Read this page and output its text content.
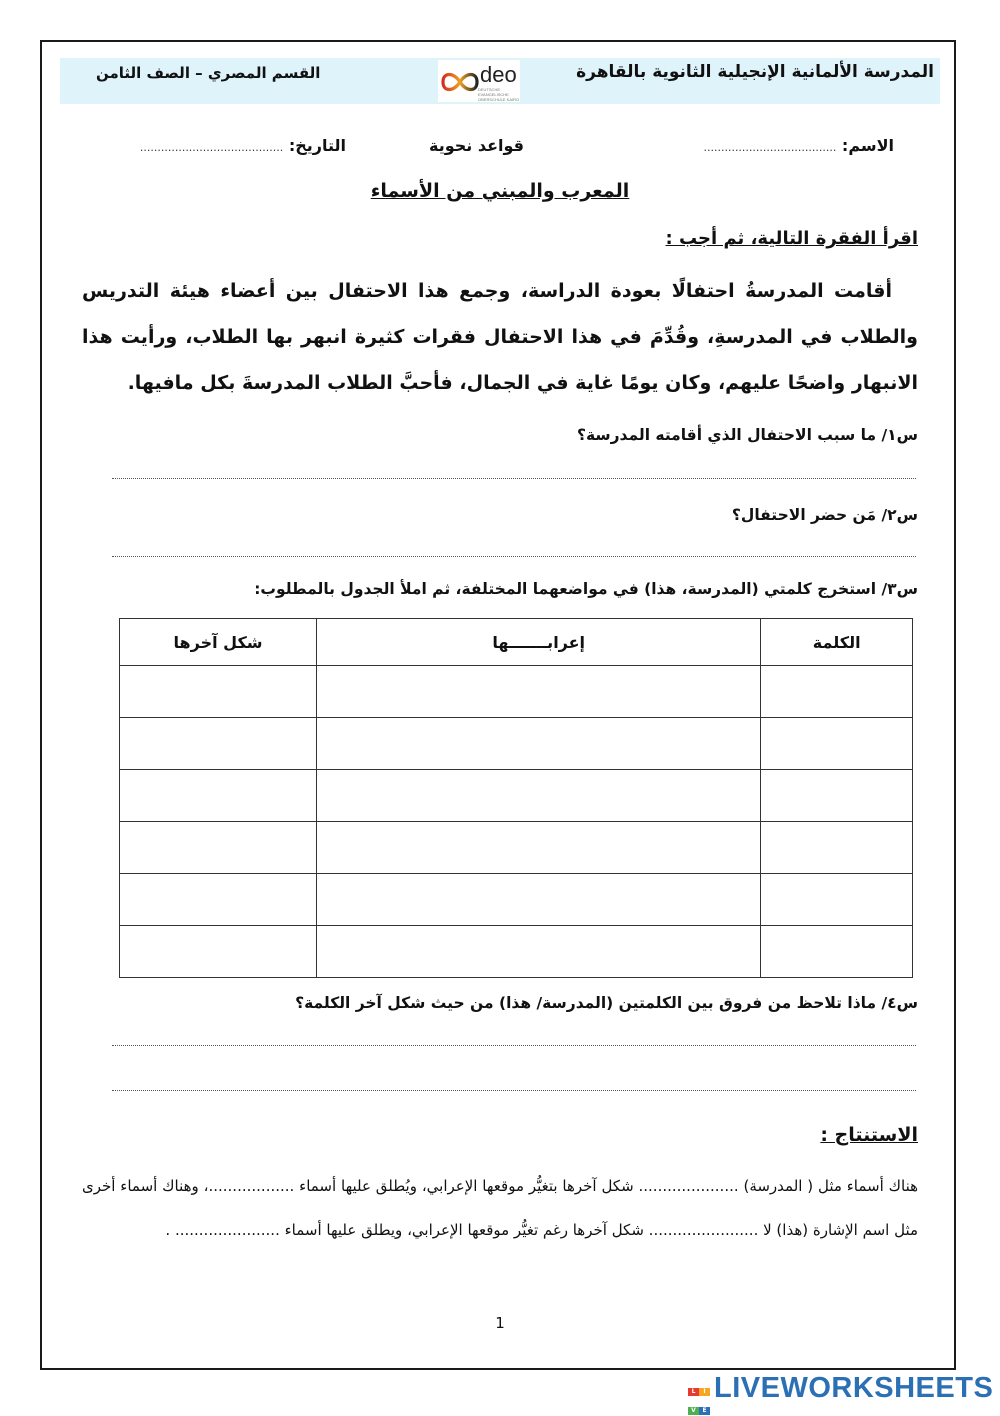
المدرسة الألمانية الإنجيلية الثانوية بالقاهرة
القسم المصري – الصف الثامن	deo
DEUTSCHE EVANGELISCHE OBERSCHULE KAIRO
الاسم: ......................................
قواعد نحوية
التاريخ: .........................................
المعرب والمبني من الأسماء
اقرأ الفقرة التالية، ثم أجب :
أقامت المدرسةُ احتفالًا بعودة الدراسة، وجمع هذا الاحتفال بين أعضاء هيئة التدريس والطلاب في المدرسةِ، وقُدِّمَ في هذا الاحتفال فقرات كثيرة انبهر بها الطلاب، ورأيت هذا الانبهار واضحًا عليهم، وكان يومًا غاية في الجمال، فأحبَّ الطلاب المدرسةَ بكل مافيها.
س١/ ما سبب الاحتفال الذي أقامته المدرسة؟
س٢/ مَن حضر الاحتفال؟
س٣/ استخرج كلمتي (المدرسة، هذا) في مواضعهما المختلفة، ثم املأ الجدول بالمطلوب:
الكلمة	إعرابـــــــها	شكل آخرها

س٤/ ماذا تلاحظ من فروق بين الكلمتين (المدرسة/ هذا) من حيث شكل آخر الكلمة؟
الاستنتاج :
هناك أسماء مثل ( المدرسة) ..................... شكل آخرها بتغيُّر موقعها الإعرابي، ويُطلق عليها أسماء ..................، وهناك أسماء أخرى مثل اسم الإشارة (هذا) لا ....................... شكل آخرها رغم تغيُّر موقعها الإعرابي، ويطلق عليها أسماء ...................... .
1
L I V E
LIVEWORKSHEETS
